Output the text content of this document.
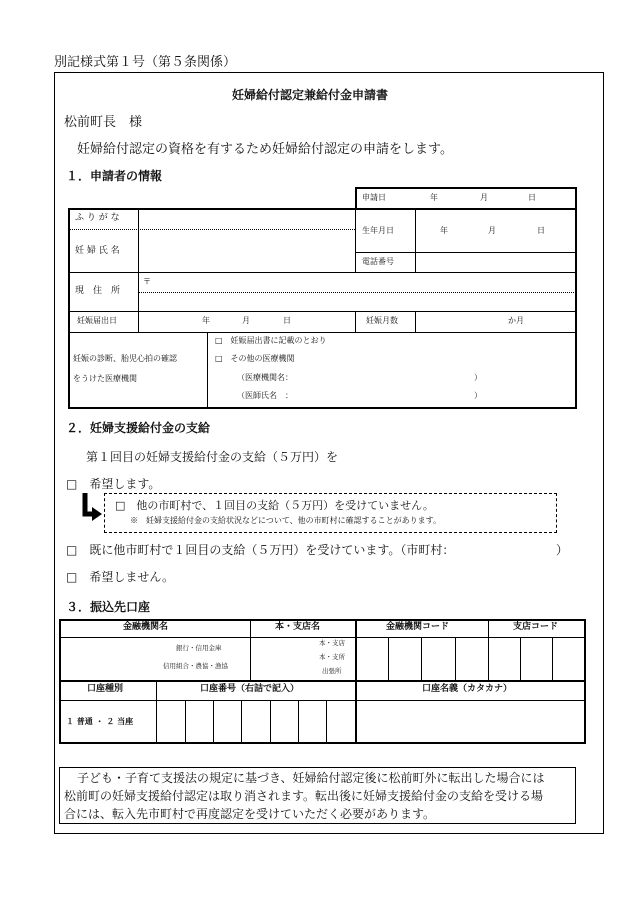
別記様式第１号（第５条関係）
妊婦給付認定兼給付金申請書
松前町長　様
妊婦給付認定の資格を有するため妊婦給付認定の申請をします。
１．申請者の情報
申請日	年	月	日
ふ り が な
妊 婦 氏 名
生年月日	年	月	日
電話番号
現　住　所
〒
妊娠届出日	年	月	日	妊娠月数	か月
妊娠の診断、胎児心拍の確認
をうけた医療機関
□　妊娠届出書に記載のとおり
□　その他の医療機関
（医療機関名：	）
（医師氏名　：	）
２．妊婦支援給付金の支給
第１回目の妊婦支援給付金の支給（５万円）を
□　希望します。
□　他の市町村で、１回目の支給（５万円）を受けていません。
※　妊婦支援給付金の支給状況などについて、他の市町村に確認することがあります。
□　既に他市町村で１回目の支給（５万円）を受けています。（市町村：	）
□　希望しません。
３．振込先口座
金融機関名	本・支店名	金融機関コード	支店コード
銀行・信用金庫
信用組合・農協・漁協
本・支店
本・支所
出張所
口座種別	口座番号（右詰で記入）	口座名義（カタカナ）
１ 普通 ・ ２ 当座
子ども・子育て支援法の規定に基づき、妊婦給付認定後に松前町外に転出した場合には
松前町の妊婦支援給付認定は取り消されます。転出後に妊婦支援給付金の支給を受ける場
合には、転入先市町村で再度認定を受けていただく必要があります。
